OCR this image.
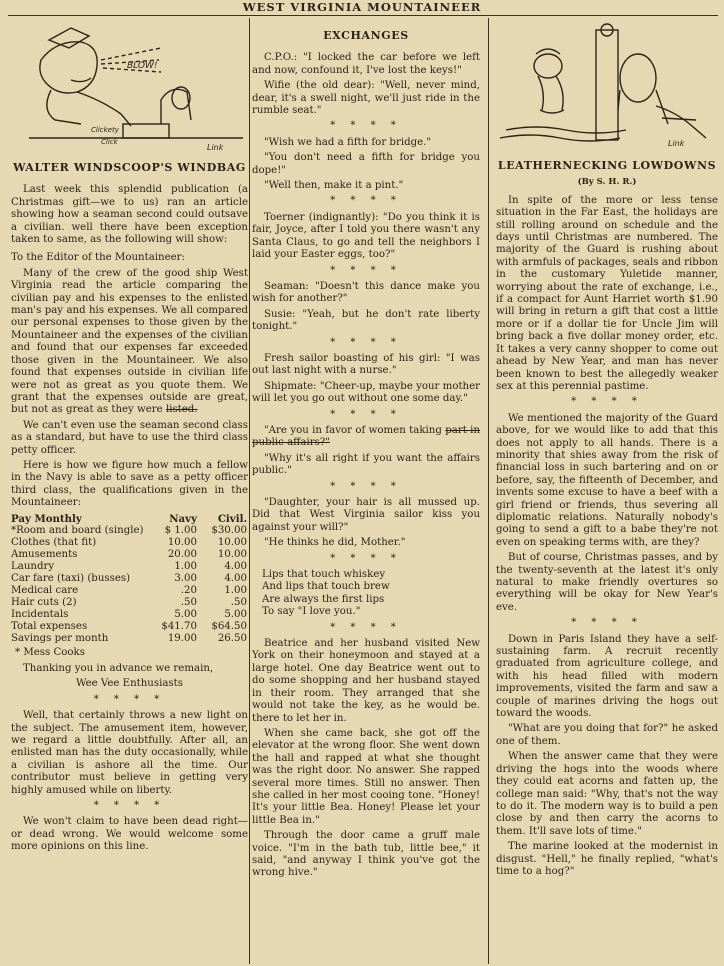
WEST VIRGINIA MOUNTAINEER
BLOW!
Clickety
Click
Link
WALTER WINDSCOOP'S WINDBAG

Last week this splendid publication (a Christmas gift—we to us) ran an article showing how a seaman second could outsave a civilian. well there have been exception taken to same, as the following will show:

To the Editor of the Mountaineer:

Many of the crew of the good ship West Virginia read the article comparing the civilian pay and his expenses to the enlisted man's pay and his expenses. We all compared our personal expenses to those given by the Mountaineer and the expenses of the civilian and found that our expenses far exceeded those given in the Mountaineer. We also found that expenses outside in civilian life were not as great as you quote them. We grant that the expenses outside are great, but not as great as they were listed.

We can't even use the seaman second class as a standard, but have to use the third class petty officer.

Here is how we figure how much a fellow in the Navy is able to save as a petty officer third class, the qualifications given in the Mountaineer:

Pay Monthly	Navy	Civil.
*Room and board (single)	$ 1.00	$30.00
Clothes (that fit)	10.00	10.00
Amusements	20.00	10.00
Laundry	1.00	4.00
Car fare (taxi) (busses)	3.00	4.00
Medical care	.20	1.00
Hair cuts (2)	.50	.50
Incidentals	5.00	5.00
Total expenses	$41.70	$64.50
Savings per month	19.00	26.50
* Mess Cooks

Thanking you in advance we remain,

Wee Vee Enthusiasts
* * * *

Well, that certainly throws a new light on the subject. The amusement item, however, we regard a little doubtfully. After all, an enlisted man has the duty occasionally, while a civilian is ashore all the time. Our contributor must believe in getting very highly amused while on liberty.

* * * *

We won't claim to have been dead right—or dead wrong. We would welcome some more opinions on this line.

EXCHANGES

C.P.O.: "I locked the car before we left and now, confound it, I've lost the keys!"

Wifie (the old dear): "Well, never mind, dear, it's a swell night, we'll just ride in the rumble seat."

* * * *

"Wish we had a fifth for bridge."

"You don't need a fifth for bridge you dope!"

"Well then, make it a pint."

* * * *

Toerner (indignantly): "Do you think it is fair, Joyce, after I told you there wasn't any Santa Claus, to go and tell the neighbors I laid your Easter eggs, too?"

* * * *

Seaman: "Doesn't this dance make you wish for another?"

Susie: "Yeah, but he don't rate liberty tonight."

* * * *

Fresh sailor boasting of his girl: "I was out last night with a nurse."

Shipmate: "Cheer-up, maybe your mother will let you go out without one some day."

* * * *

"Are you in favor of women taking part in public affairs?"

"Why it's all right if you want the affairs public."

* * * *

"Daughter, your hair is all mussed up. Did that West Virginia sailor kiss you against your will?"

"He thinks he did, Mother."

* * * *
Lips that touch whiskey
And lips that touch brew
Are always the first lips
To say "I love you."
* * * *

Beatrice and her husband visited New York on their honeymoon and stayed at a large hotel. One day Beatrice went out to do some shopping and her husband stayed in their room. They arranged that she would not take the key, as he would be. there to let her in.

When she came back, she got off the elevator at the wrong floor. She went down the hall and rapped at what she thought was the right door. No answer. She rapped several more times. Still no answer. Then she called in her most cooing tone. "Honey! It's your little Bea. Honey! Please let your little Bea in."

Through the door came a gruff male voice. "I'm in the bath tub, little bee," it said, "and anyway I think you've got the wrong hive."

Link
LEATHERNECKING LOWDOWNS
(By S. H. R.)

In spite of the more or less tense situation in the Far East, the holidays are still rolling around on schedule and the days until Christmas are numbered. The majority of the Guard is rushing about with armfuls of packages, seals and ribbon in the customary Yuletide manner, worrying about the rate of exchange, i.e., if a compact for Aunt Harriet worth $1.90 will bring in return a gift that cost a little more or if a dollar tie for Uncle Jim will bring back a five dollar money order, etc. It takes a very canny shopper to come out ahead by New Year, and man has never been known to best the allegedly weaker sex at this perennial pastime.

* * * *

We mentioned the majority of the Guard above, for we would like to add that this does not apply to all hands. There is a minority that shies away from the risk of financial loss in such bartering and on or before, say, the fifteenth of December, and invents some excuse to have a beef with a girl friend or friends, thus severing all diplomatic relations. Naturally nobody's going to send a gift to a babe they're not even on speaking terms with, are they?

But of course, Christmas passes, and by the twenty-seventh at the latest it's only natural to make friendly overtures so everything will be okay for New Year's eve.

* * * *

Down in Paris Island they have a self-sustaining farm. A recruit recently graduated from agriculture college, and with his head filled with modern improvements, visited the farm and saw a couple of marines driving the hogs out toward the woods.

"What are you doing that for?" he asked one of them.

When the answer came that they were driving the hogs into the woods where they could eat acorns and fatten up, the college man said: "Why, that's not the way to do it. The modern way is to build a pen close by and then carry the acorns to them. It'll save lots of time."

The marine looked at the modernist in disgust. "Hell," he finally replied, "what's time to a hog?"
